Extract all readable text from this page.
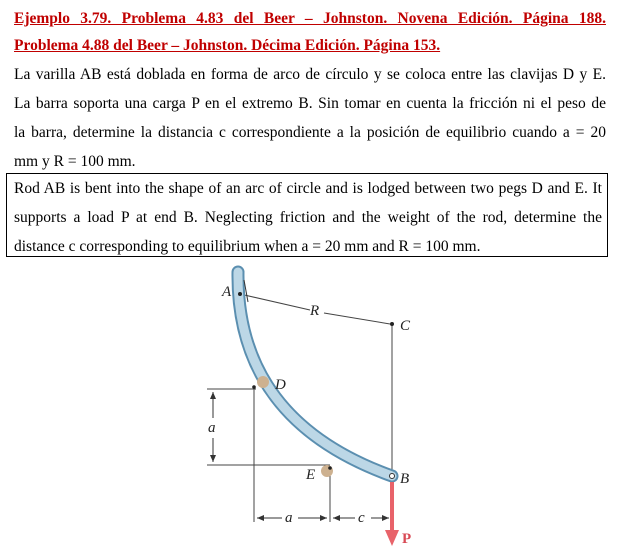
Ejemplo 3.79. Problema 4.83 del Beer – Johnston. Novena Edición. Página 188.
Problema 4.88 del Beer – Johnston. Décima Edición. Página 153.
La varilla AB está doblada en forma de arco de círculo y se coloca entre las clavijas D y E.
La barra soporta una carga P en el extremo B. Sin tomar en cuenta la fricción ni el peso de
la barra, determine la distancia c correspondiente a la posición de equilibrio cuando a = 20
mm y R = 100 mm.
Rod AB is bent into the shape of an arc of circle and is lodged between two pegs D and E. It
supports a load P at end B. Neglecting friction and the weight of the rod, determine the
distance c corresponding to equilibrium when a = 20 mm and R = 100 mm.
a
a	c
A
R
C
D
E	B
P
